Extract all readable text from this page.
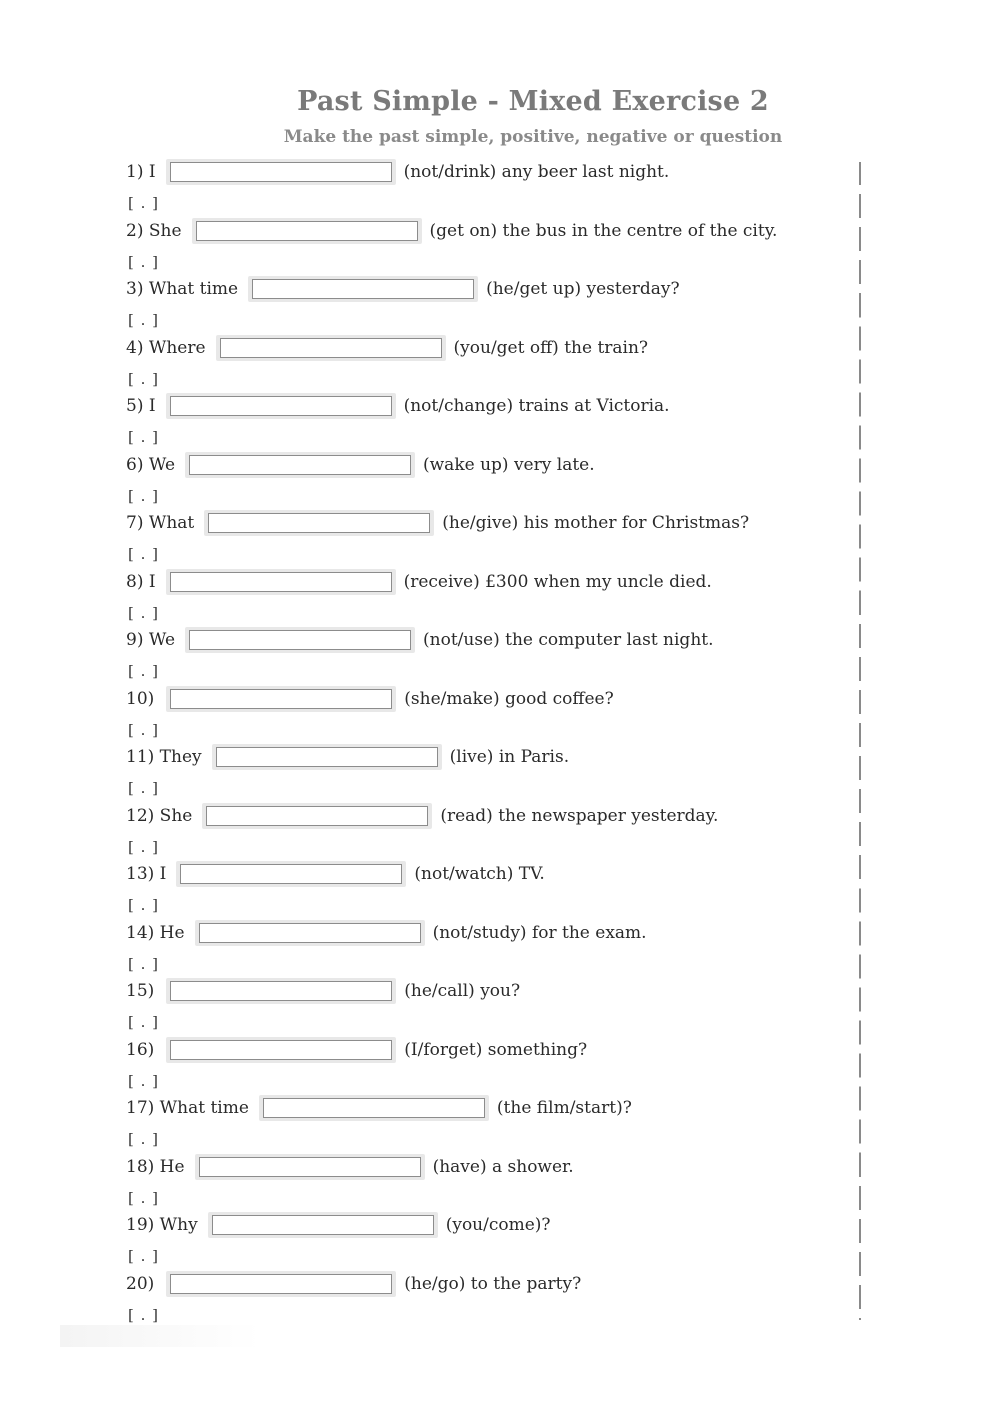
Past Simple - Mixed Exercise 2
Make the past simple, positive, negative or question
1) I	(not/drink) any beer last night.
[ . ]
2) She	(get on) the bus in the centre of the city.
[ . ]
3) What time	(he/get up) yesterday?
[ . ]
4) Where	(you/get off) the train?
[ . ]
5) I	(not/change) trains at Victoria.
[ . ]
6) We	(wake up) very late.
[ . ]
7) What	(he/give) his mother for Christmas?
[ . ]
8) I	(receive) £300 when my uncle died.
[ . ]
9) We	(not/use) the computer last night.
[ . ]
10)	(she/make) good coffee?
[ . ]
11) They	(live) in Paris.
[ . ]
12) She	(read) the newspaper yesterday.
[ . ]
13) I	(not/watch) TV.
[ . ]
14) He	(not/study) for the exam.
[ . ]
15)	(he/call) you?
[ . ]
16)	(I/forget) something?
[ . ]
17) What time	(the film/start)?
[ . ]
18) He	(have) a shower.
[ . ]
19) Why	(you/come)?
[ . ]
20)	(he/go) to the party?
[ . ]
